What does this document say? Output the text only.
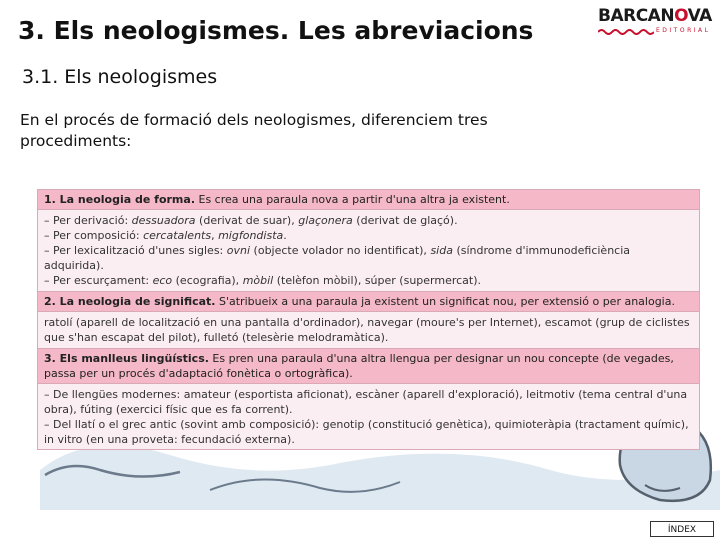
3. Els neologismes. Les abreviacions	BARCANOVA
EDITORIAL
3.1. Els neologismes
En el procés de formació dels neologismes, diferenciem tres procediments:
1. La neologia de forma. Es crea una paraula nova a partir d'una altra ja existent.

– Per derivació: dessuadora (derivat de suar), glaçonera (derivat de glaçó).

– Per composició: cercatalents, migfondista.

– Per lexicalització d'unes sigles: ovni (objecte volador no identificat), sida (síndrome d'immunodeficiència adquirida).

– Per escurçament: eco (ecografia), mòbil (telèfon mòbil), súper (supermercat).

2. La neologia de significat. S'atribueix a una paraula ja existent un significat nou, per extensió o per analogia.

ratolí (aparell de localització en una pantalla d'ordinador), navegar (moure's per Internet), escamot (grup de ciclistes que s'han escapat del pilot), fulletó (telesèrie melodramàtica).

3. Els manlleus lingüístics. Es pren una paraula d'una altra llengua per designar un nou concepte (de vegades, passa per un procés d'adaptació fonètica o ortogràfica).

– De llengües modernes: amateur (esportista aficionat), escàner (aparell d'exploració), leitmotiv (tema central d'una obra), fúting (exercici físic que es fa corrent).

– Del llatí o el grec antic (sovint amb composició): genotip (constitució genètica), quimioteràpia (tractament químic), in vitro (en una proveta: fecundació externa).

ÍNDEX
